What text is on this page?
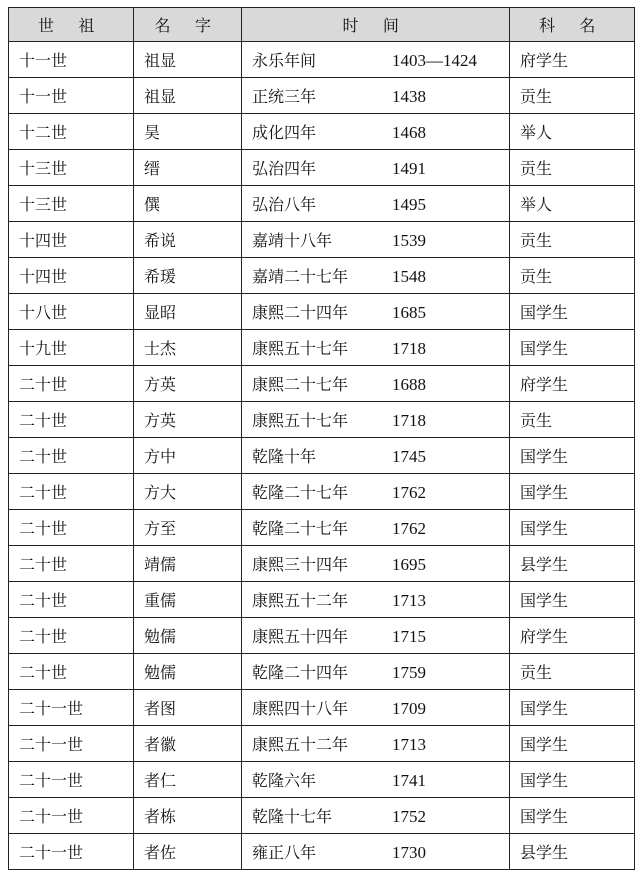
世 祖	名 字	时 间	科 名
十一世	祖显	永乐年间 1403—1424	府学生
十一世	祖显	正统三年 1438	贡生
十二世	昊	成化四年 1468	举人
十三世	缙	弘治四年 1491	贡生
十三世	僎	弘治八年 1495	举人
十四世	希说	嘉靖十八年 1539	贡生
十四世	希瑗	嘉靖二十七年 1548	贡生
十八世	显昭	康熙二十四年 1685	国学生
十九世	士杰	康熙五十七年 1718	国学生
二十世	方英	康熙二十七年 1688	府学生
二十世	方英	康熙五十七年 1718	贡生
二十世	方中	乾隆十年 1745	国学生
二十世	方大	乾隆二十七年 1762	国学生
二十世	方至	乾隆二十七年 1762	国学生
二十世	靖儒	康熙三十四年 1695	县学生
二十世	重儒	康熙五十二年 1713	国学生
二十世	勉儒	康熙五十四年 1715	府学生
二十世	勉儒	乾隆二十四年 1759	贡生
二十一世	者图	康熙四十八年 1709	国学生
二十一世	者徽	康熙五十二年 1713	国学生
二十一世	者仁	乾隆六年 1741	国学生
二十一世	者栋	乾隆十七年 1752	国学生
二十一世	者佐	雍正八年 1730	县学生
